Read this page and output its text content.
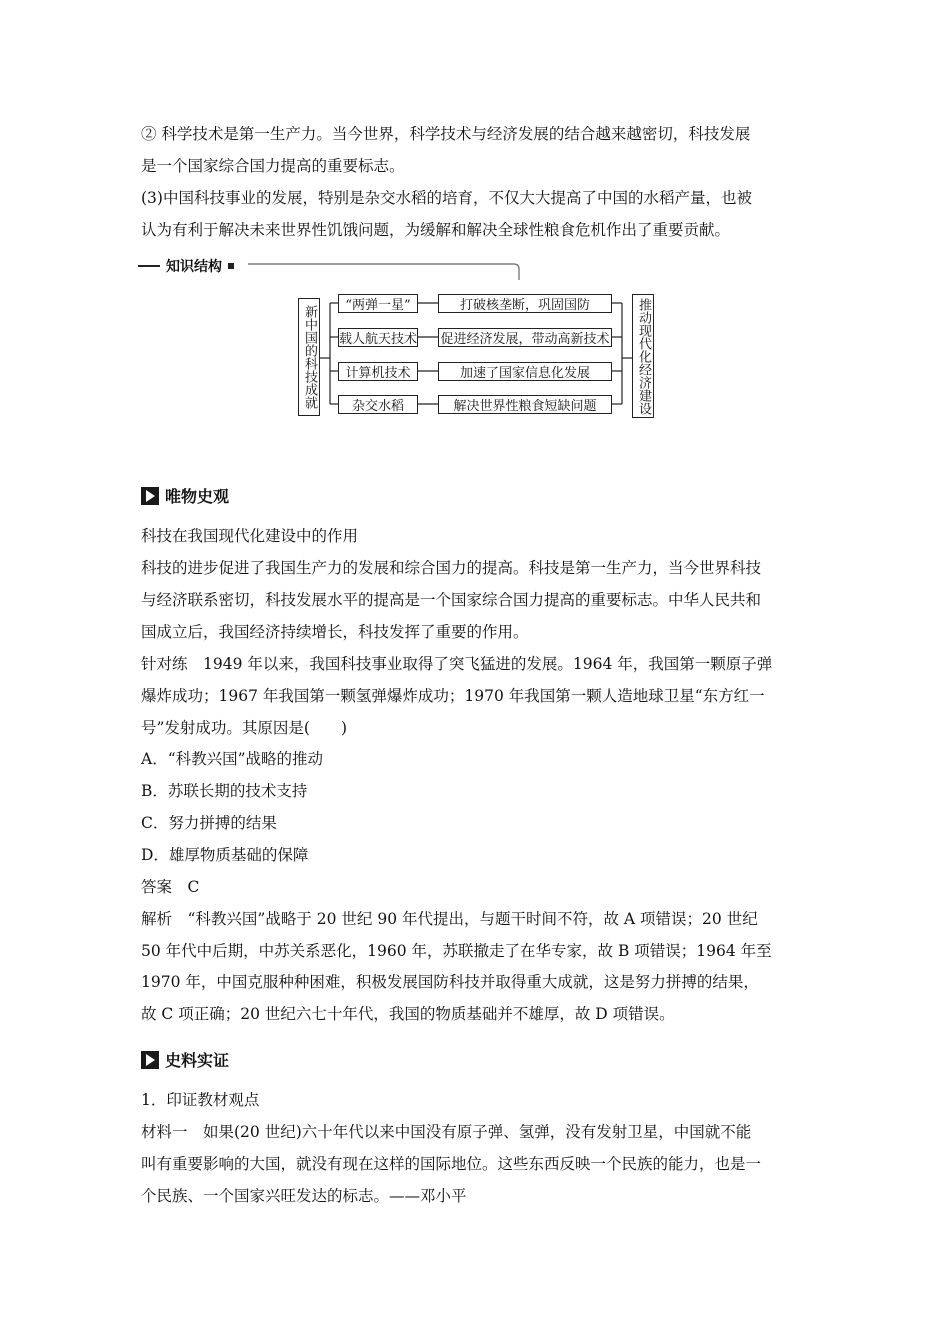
② 科学技术是第一生产力。当今世界，科学技术与经济发展的结合越来越密切，科技发展
是一个国家综合国力提高的重要标志。
(3)中国科技事业的发展，特别是杂交水稻的培育，不仅大大提高了中国的水稻产量，也被
认为有利于解决未来世界性饥饿问题，为缓解和解决全球性粮食危机作出了重要贡献。
知识结构
新中国的科技成就	“两弹一星”
载人航天技术
计算机技术
杂交水稻
打破核垄断，巩固国防
促进经济发展，带动高新技术
加速了国家信息化发展
解决世界性粮食短缺问题	推动现代化经济建设
唯物史观
科技在我国现代化建设中的作用
科技的进步促进了我国生产力的发展和综合国力的提高。科技是第一生产力，当今世界科技
与经济联系密切，科技发展水平的提高是一个国家综合国力提高的重要标志。中华人民共和
国成立后，我国经济持续增长，科技发挥了重要的作用。
针对练　1949 年以来，我国科技事业取得了突飞猛进的发展。1964 年，我国第一颗原子弹
爆炸成功；1967 年我国第一颗氢弹爆炸成功；1970 年我国第一颗人造地球卫星“东方红一
号”发射成功。其原因是(　　)
A．“科教兴国”战略的推动
B．苏联长期的技术支持
C．努力拼搏的结果
D．雄厚物质基础的保障
答案　C
解析　“科教兴国”战略于 20 世纪 90 年代提出，与题干时间不符，故 A 项错误；20 世纪
50 年代中后期，中苏关系恶化，1960 年，苏联撤走了在华专家，故 B 项错误；1964 年至
1970 年，中国克服种种困难，积极发展国防科技并取得重大成就，这是努力拼搏的结果，
故 C 项正确；20 世纪六七十年代，我国的物质基础并不雄厚，故 D 项错误。
史料实证
1．印证教材观点
材料一　如果(20 世纪)六十年代以来中国没有原子弹、氢弹，没有发射卫星，中国就不能
叫有重要影响的大国，就没有现在这样的国际地位。这些东西反映一个民族的能力，也是一
个民族、一个国家兴旺发达的标志。——邓小平
